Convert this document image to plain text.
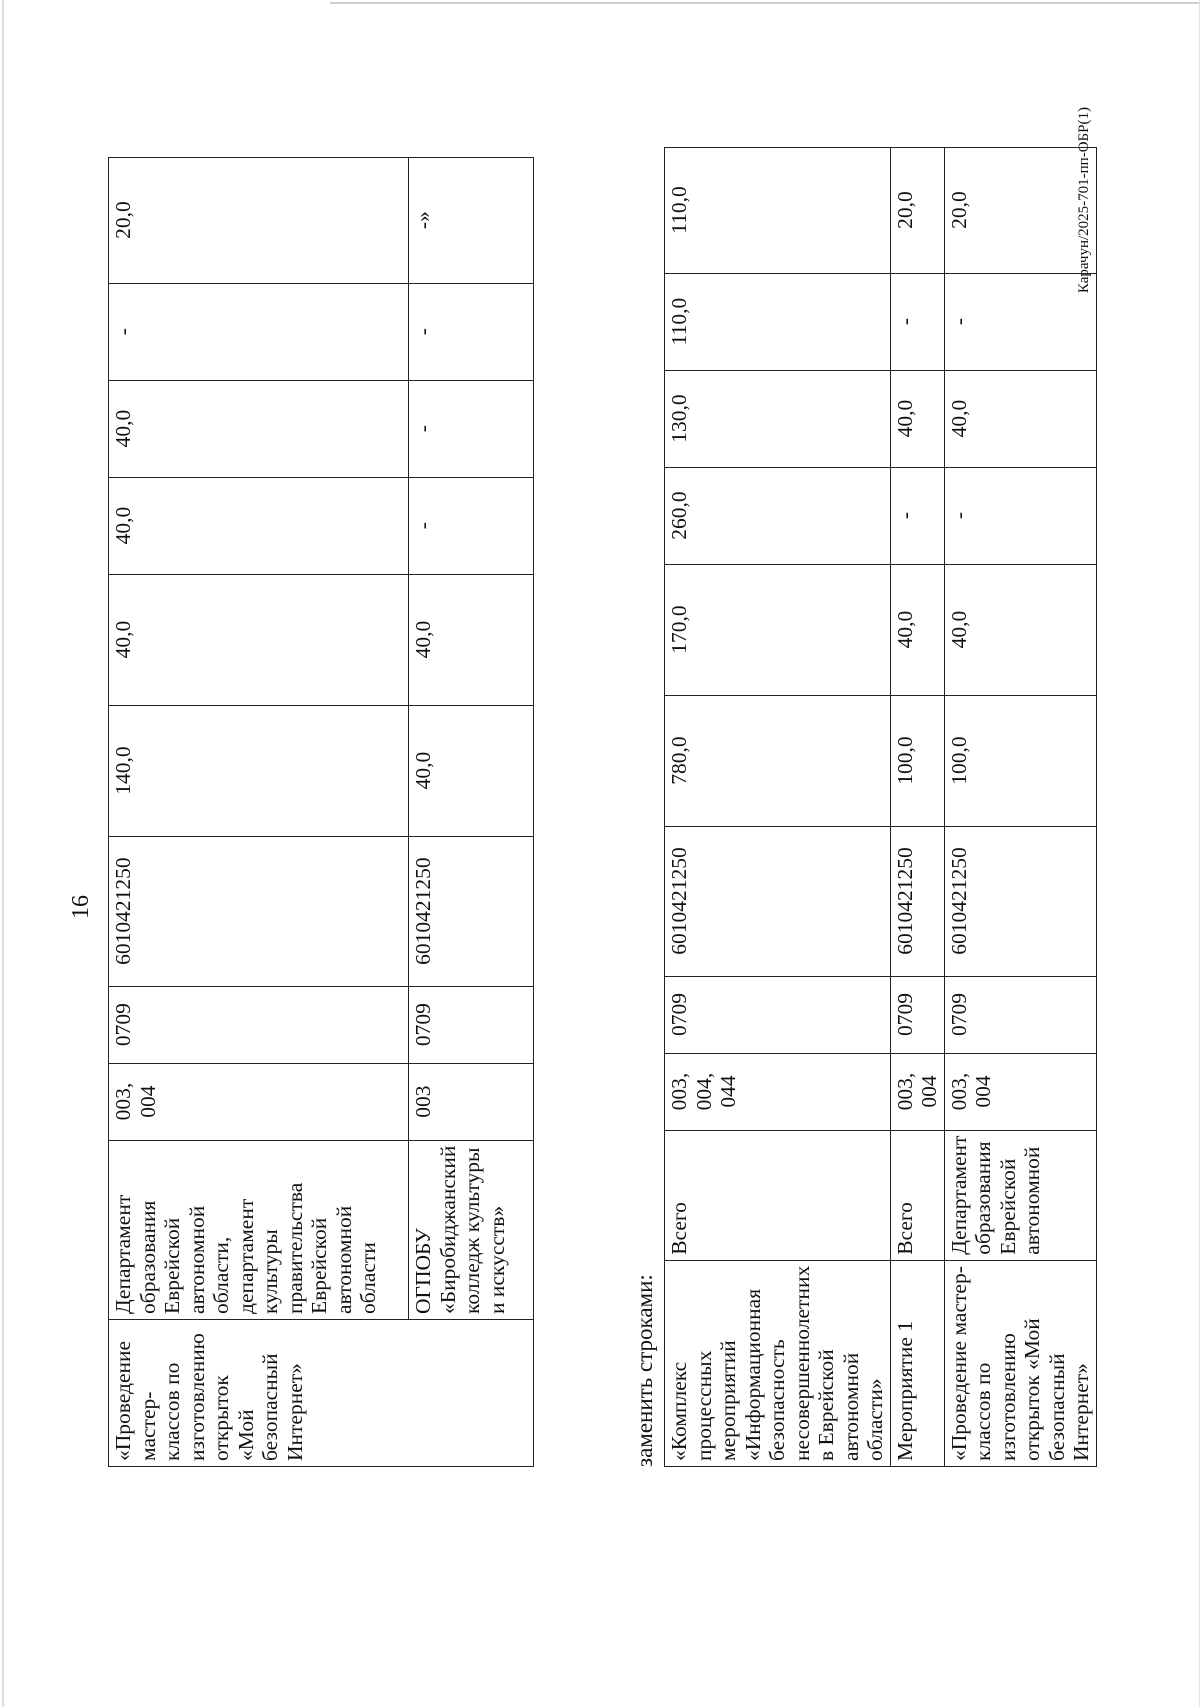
16
«Проведение мастер-классов по изготовлению открыток «Мой безопасный Интернет»	Департамент образования Еврейской автономной области, департамент культуры правительства Еврейской автономной области	003, 004	0709	6010421250	140,0	40,0	40,0	40,0	-	20,0
	ОГПОБУ «Биробиджанский колледж культуры и искусств»	003	0709	6010421250	40,0	40,0	-	-	-	-»
заменить строками: «Комплекс процессных мероприятий «Информационная безопасность несовершеннолетних в Еврейской автономной области»	Всего	003, 004, 044	0709	6010421250	780,0	170,0	260,0	130,0	110,0	110,0
Мероприятие 1	Всего	003, 004	0709	6010421250	100,0	40,0	-	40,0	-	20,0
«Проведение мастер-классов по изготовлению открыток «Мой безопасный Интернет»	Департамент образования Еврейской автономной	003, 004	0709	6010421250	100,0	40,0	-	40,0	-	20,0	Карачун/2025-701-пп-ОБР(1)
